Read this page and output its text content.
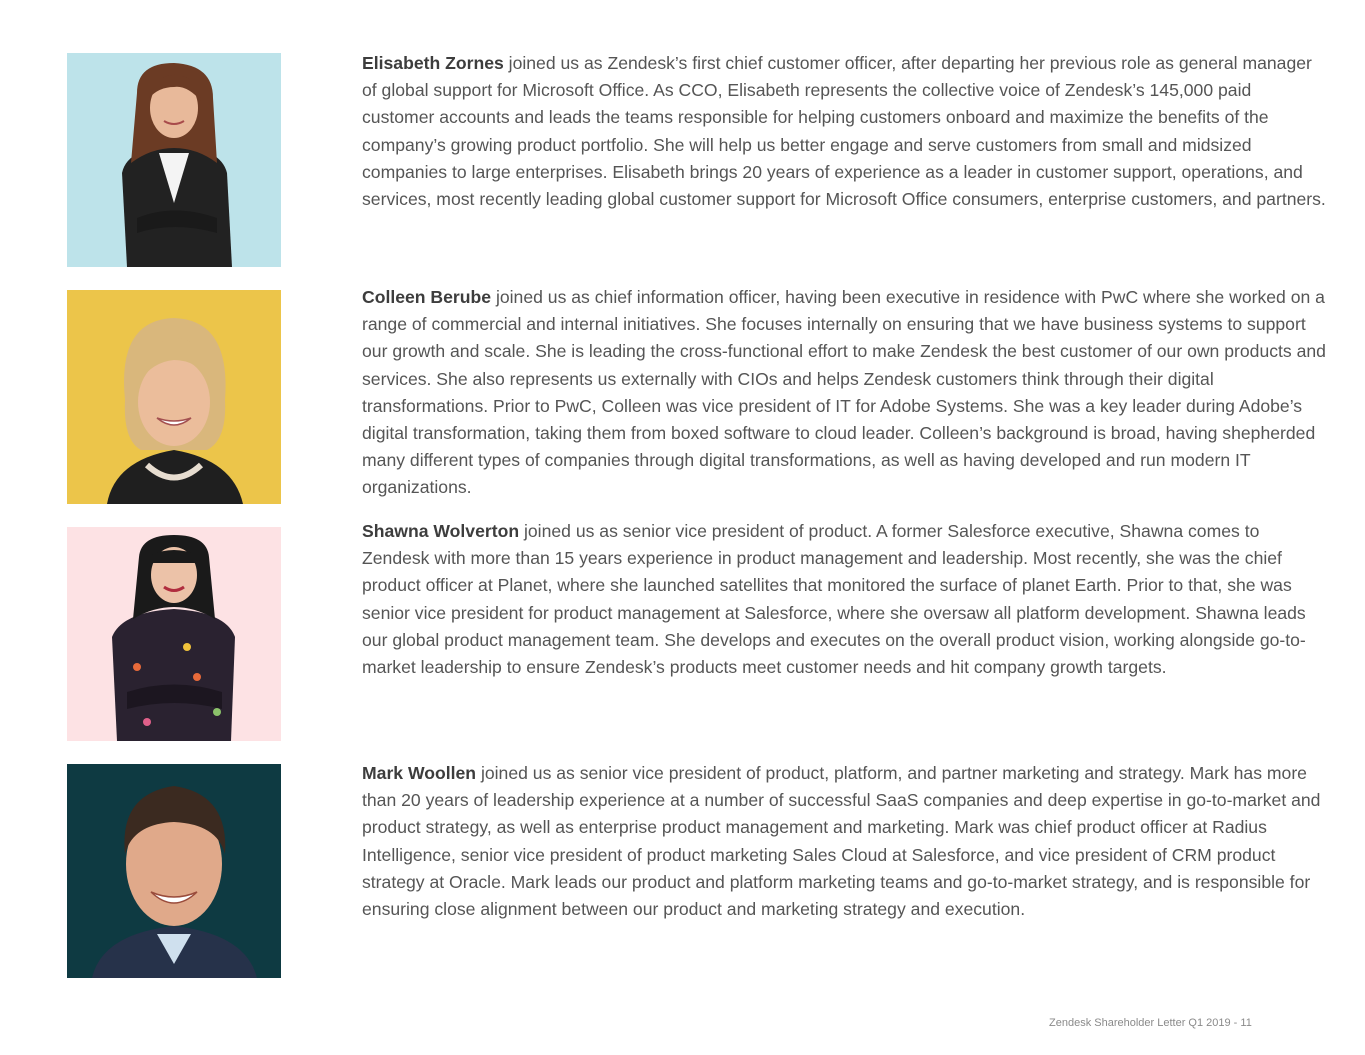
Elisabeth Zornes joined us as Zendesk’s first chief customer officer, after departing her previous role as general manager of global support for Microsoft Office. As CCO, Elisabeth represents the collective voice of Zendesk’s 145,000 paid customer accounts and leads the teams responsible for helping customers onboard and maximize the benefits of the company’s growing product portfolio. She will help us better engage and serve customers from small and midsized companies to large enterprises. Elisabeth brings 20 years of experience as a leader in customer support, operations, and services, most recently leading global customer support for Microsoft Office consumers, enterprise customers, and partners.

Colleen Berube joined us as chief information officer, having been executive in residence with PwC where she worked on a range of commercial and internal initiatives. She focuses internally on ensuring that we have business systems to support our growth and scale. She is leading the cross-functional effort to make Zendesk the best customer of our own products and services. She also represents us externally with CIOs and helps Zendesk customers think through their digital transformations. Prior to PwC, Colleen was vice president of IT for Adobe Systems. She was a key leader during Adobe’s digital transformation, taking them from boxed software to cloud leader. Colleen’s background is broad, having shepherded many different types of companies through digital transformations, as well as having developed and run modern IT organizations.

Shawna Wolverton joined us as senior vice president of product. A former Salesforce executive, Shawna comes to Zendesk with more than 15 years experience in product management and leadership. Most recently, she was the chief product officer at Planet, where she launched satellites that monitored the surface of planet Earth. Prior to that, she was senior vice president for product management at Salesforce, where she oversaw all platform development. Shawna leads our global product management team. She develops and executes on the overall product vision, working alongside go-to-market leadership to ensure Zendesk’s products meet customer needs and hit company growth targets.

Mark Woollen joined us as senior vice president of product, platform, and partner marketing and strategy. Mark has more than 20 years of leadership experience at a number of successful SaaS companies and deep expertise in go-to-market and product strategy, as well as enterprise product management and marketing. Mark was chief product officer at Radius Intelligence, senior vice president of product marketing Sales Cloud at Salesforce, and vice president of CRM product strategy at Oracle. Mark leads our product and platform marketing teams and go-to-market strategy, and is responsible for ensuring close alignment between our product and marketing strategy and execution.

Zendesk Shareholder Letter Q1 2019 - 11
